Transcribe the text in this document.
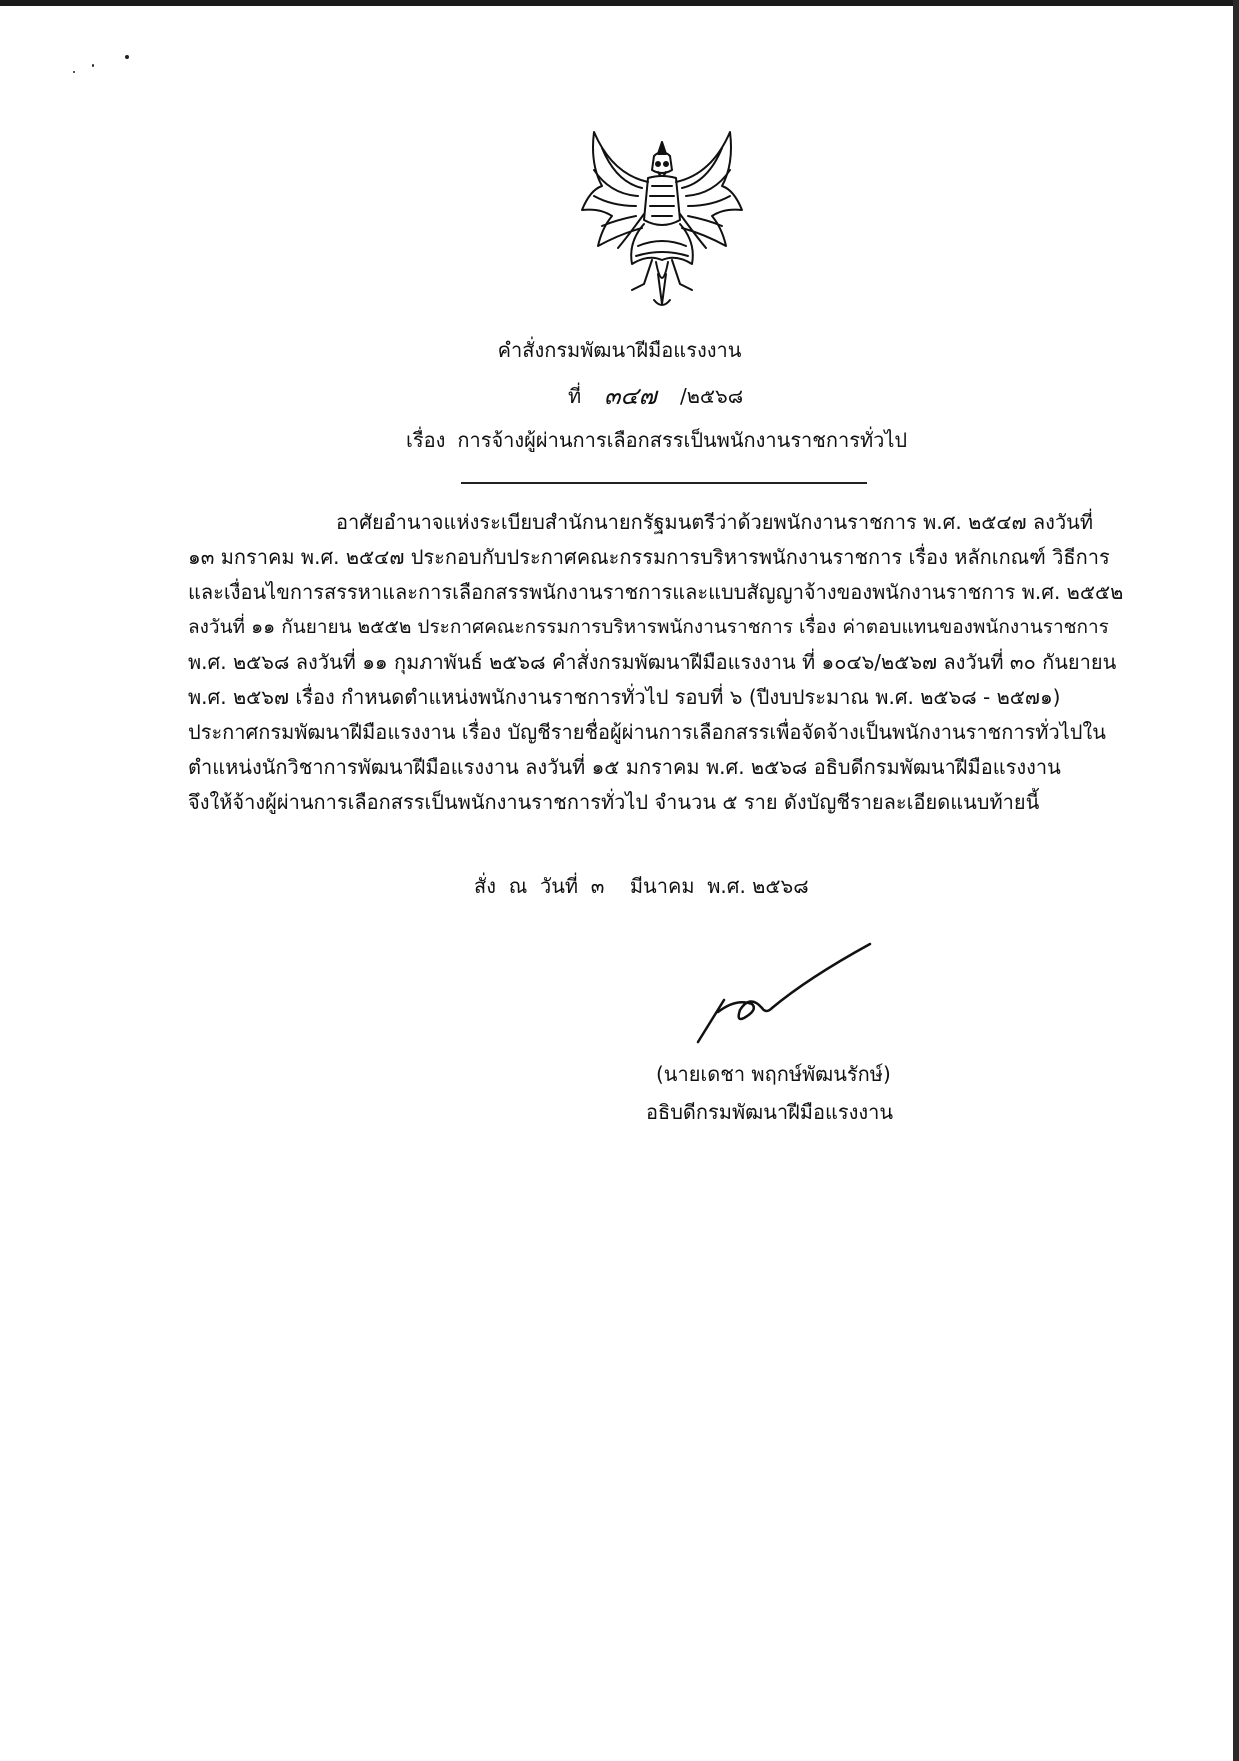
คำสั่งกรมพัฒนาฝีมือแรงงาน
ที่ ๓๔๗ /๒๕๖๘
เรื่อง การจ้างผู้ผ่านการเลือกสรรเป็นพนักงานราชการทั่วไป
อาศัยอำนาจแห่งระเบียบสำนักนายกรัฐมนตรีว่าด้วยพนักงานราชการ พ.ศ. ๒๕๔๗ ลงวันที่
๑๓ มกราคม พ.ศ. ๒๕๔๗ ประกอบกับประกาศคณะกรรมการบริหารพนักงานราชการ เรื่อง หลักเกณฑ์ วิธีการ
และเงื่อนไขการสรรหาและการเลือกสรรพนักงานราชการและแบบสัญญาจ้างของพนักงานราชการ พ.ศ. ๒๕๕๒
ลงวันที่ ๑๑ กันยายน ๒๕๕๒ ประกาศคณะกรรมการบริหารพนักงานราชการ เรื่อง ค่าตอบแทนของพนักงานราชการ
พ.ศ. ๒๕๖๘ ลงวันที่ ๑๑ กุมภาพันธ์ ๒๕๖๘ คำสั่งกรมพัฒนาฝีมือแรงงาน ที่ ๑๐๔๖/๒๕๖๗ ลงวันที่ ๓๐ กันยายน
พ.ศ. ๒๕๖๗ เรื่อง กำหนดตำแหน่งพนักงานราชการทั่วไป รอบที่ ๖ (ปีงบประมาณ พ.ศ. ๒๕๖๘ - ๒๕๗๑)
ประกาศกรมพัฒนาฝีมือแรงงาน เรื่อง บัญชีรายชื่อผู้ผ่านการเลือกสรรเพื่อจัดจ้างเป็นพนักงานราชการทั่วไปใน
ตำแหน่งนักวิชาการพัฒนาฝีมือแรงงาน ลงวันที่ ๑๕ มกราคม พ.ศ. ๒๕๖๘ อธิบดีกรมพัฒนาฝีมือแรงงาน
จึงให้จ้างผู้ผ่านการเลือกสรรเป็นพนักงานราชการทั่วไป จำนวน ๕ ราย ดังบัญชีรายละเอียดแนบท้ายนี้
สั่ง  ณ  วันที่  ๓    มีนาคม  พ.ศ. ๒๕๖๘
(นายเดชา พฤกษ์พัฒนรักษ์)
อธิบดีกรมพัฒนาฝีมือแรงงาน
